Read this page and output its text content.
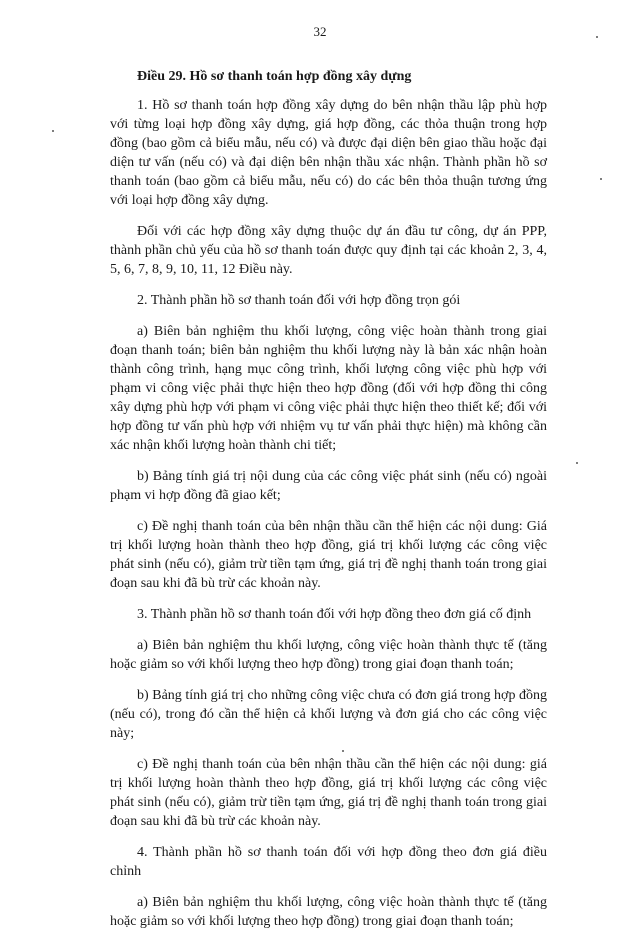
32

Điều 29. Hồ sơ thanh toán hợp đồng xây dựng

1. Hồ sơ thanh toán hợp đồng xây dựng do bên nhận thầu lập phù hợp với từng loại hợp đồng xây dựng, giá hợp đồng, các thỏa thuận trong hợp đồng (bao gồm cả biểu mẫu, nếu có) và được đại diện bên giao thầu hoặc đại diện tư vấn (nếu có) và đại diện bên nhận thầu xác nhận. Thành phần hồ sơ thanh toán (bao gồm cả biểu mẫu, nếu có) do các bên thỏa thuận tương ứng với loại hợp đồng xây dựng.

Đối với các hợp đồng xây dựng thuộc dự án đầu tư công, dự án PPP, thành phần chủ yếu của hồ sơ thanh toán được quy định tại các khoản 2, 3, 4, 5, 6, 7, 8, 9, 10, 11, 12 Điều này.

2. Thành phần hồ sơ thanh toán đối với hợp đồng trọn gói

a) Biên bản nghiệm thu khối lượng, công việc hoàn thành trong giai đoạn thanh toán; biên bản nghiệm thu khối lượng này là bản xác nhận hoàn thành công trình, hạng mục công trình, khối lượng công việc phù hợp với phạm vi công việc phải thực hiện theo hợp đồng (đối với hợp đồng thi công xây dựng phù hợp với phạm vi công việc phải thực hiện theo thiết kế; đối với hợp đồng tư vấn phù hợp với nhiệm vụ tư vấn phải thực hiện) mà không cần xác nhận khối lượng hoàn thành chi tiết;

b) Bảng tính giá trị nội dung của các công việc phát sinh (nếu có) ngoài phạm vi hợp đồng đã giao kết;

c) Đề nghị thanh toán của bên nhận thầu cần thể hiện các nội dung: Giá trị khối lượng hoàn thành theo hợp đồng, giá trị khối lượng các công việc phát sinh (nếu có), giảm trừ tiền tạm ứng, giá trị đề nghị thanh toán trong giai đoạn sau khi đã bù trừ các khoản này.

3. Thành phần hồ sơ thanh toán đối với hợp đồng theo đơn giá cố định

a) Biên bản nghiệm thu khối lượng, công việc hoàn thành thực tế (tăng hoặc giảm so với khối lượng theo hợp đồng) trong giai đoạn thanh toán;

b) Bảng tính giá trị cho những công việc chưa có đơn giá trong hợp đồng (nếu có), trong đó cần thể hiện cả khối lượng và đơn giá cho các công việc này;

c) Đề nghị thanh toán của bên nhận thầu cần thể hiện các nội dung: giá trị khối lượng hoàn thành theo hợp đồng, giá trị khối lượng các công việc phát sinh (nếu có), giảm trừ tiền tạm ứng, giá trị đề nghị thanh toán trong giai đoạn sau khi đã bù trừ các khoản này.

4. Thành phần hồ sơ thanh toán đối với hợp đồng theo đơn giá điều chỉnh

a) Biên bản nghiệm thu khối lượng, công việc hoàn thành thực tế (tăng hoặc giảm so với khối lượng theo hợp đồng) trong giai đoạn thanh toán;
